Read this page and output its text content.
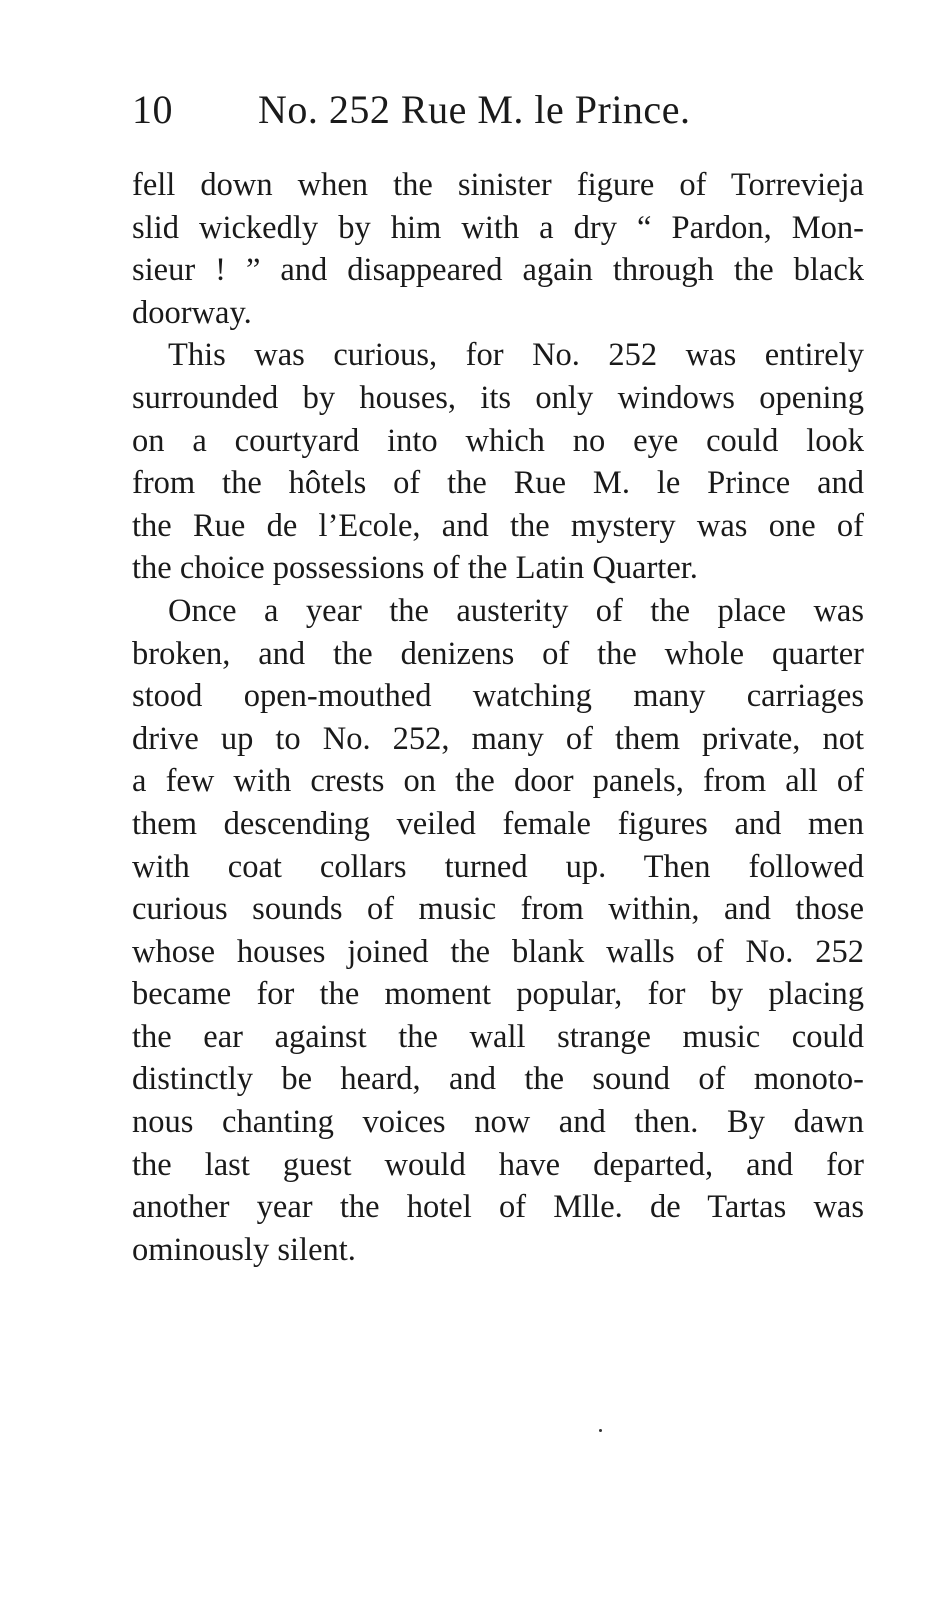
10 No. 252 Rue M. le Prince.
fell down when the sinister figure of Torrevieja
slid wickedly by him with a dry “ Pardon, Mon-
sieur ! ” and disappeared again through the black
doorway.
This was curious, for No. 252 was entirely
surrounded by houses, its only windows opening
on a courtyard into which no eye could look
from the hôtels of the Rue M. le Prince and
the Rue de l’Ecole, and the mystery was one of
the choice possessions of the Latin Quarter.
Once a year the austerity of the place was
broken, and the denizens of the whole quarter
stood open-mouthed watching many carriages
drive up to No. 252, many of them private, not
a few with crests on the door panels, from all of
them descending veiled female figures and men
with coat collars turned up. Then followed
curious sounds of music from within, and those
whose houses joined the blank walls of No. 252
became for the moment popular, for by placing
the ear against the wall strange music could
distinctly be heard, and the sound of monoto-
nous chanting voices now and then. By dawn
the last guest would have departed, and for
another year the hotel of Mlle. de Tartas was
ominously silent.
